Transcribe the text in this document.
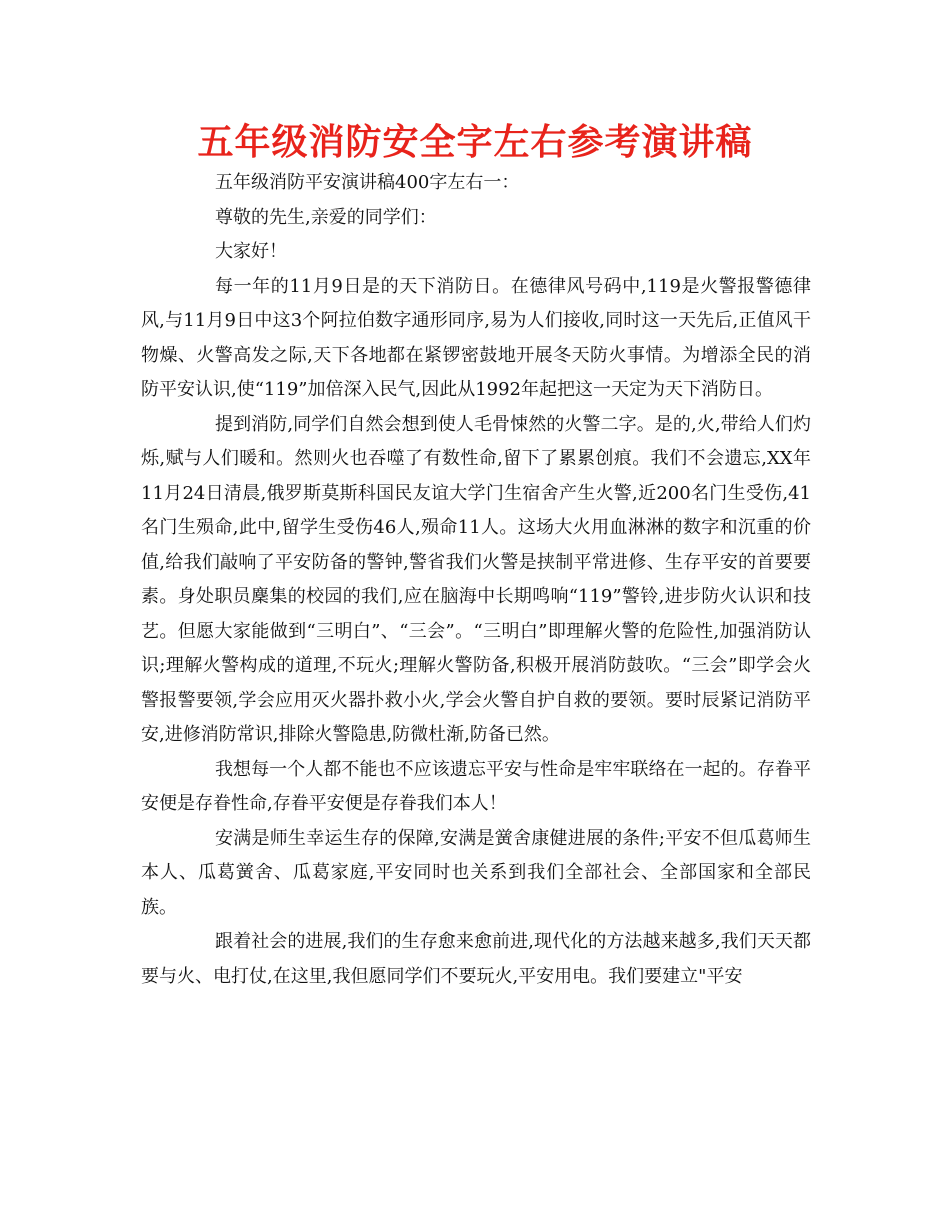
五年级消防安全字左右参考演讲稿

五年级消防平安演讲稿400字左右一：

尊敬的先生,亲爱的同学们：

大家好！

每一年的11月9日是的天下消防日。在德律风号码中,119是火警报警德律风,与11月9日中这3个阿拉伯数字通形同序,易为人们接收,同时这一天先后,正值风干物燥、火警高发之际,天下各地都在紧锣密鼓地开展冬天防火事情。为增添全民的消防平安认识,使“119”加倍深入民气,因此从1992年起把这一天定为天下消防日。

提到消防,同学们自然会想到使人毛骨悚然的火警二字。是的,火,带给人们灼烁,赋与人们暖和。然则火也吞噬了有数性命,留下了累累创痕。我们不会遗忘,XX年11月24日清晨,俄罗斯莫斯科国民友谊大学门生宿舍产生火警,近200名门生受伤,41名门生殒命,此中,留学生受伤46人,殒命11人。这场大火用血淋淋的数字和沉重的价值,给我们敲响了平安防备的警钟,警省我们火警是挟制平常进修、生存平安的首要要素。身处职员麇集的校园的我们,应在脑海中长期鸣响“119”警铃,进步防火认识和技艺。但愿大家能做到“三明白”、“三会”。“三明白”即理解火警的危险性,加强消防认识;理解火警构成的道理,不玩火;理解火警防备,积极开展消防鼓吹。“三会”即学会火警报警要领,学会应用灭火器扑救小火,学会火警自护自救的要领。要时辰紧记消防平安,进修消防常识,排除火警隐患,防微杜渐,防备已然。

我想每一个人都不能也不应该遗忘平安与性命是牢牢联络在一起的。存眷平安便是存眷性命,存眷平安便是存眷我们本人！

安满是师生幸运生存的保障,安满是黉舍康健进展的条件;平安不但瓜葛师生本人、瓜葛黉舍、瓜葛家庭,平安同时也关系到我们全部社会、全部国家和全部民族。

跟着社会的进展,我们的生存愈来愈前进,现代化的方法越来越多,我们天天都要与火、电打仗,在这里,我但愿同学们不要玩火,平安用电。我们要建立"平安
